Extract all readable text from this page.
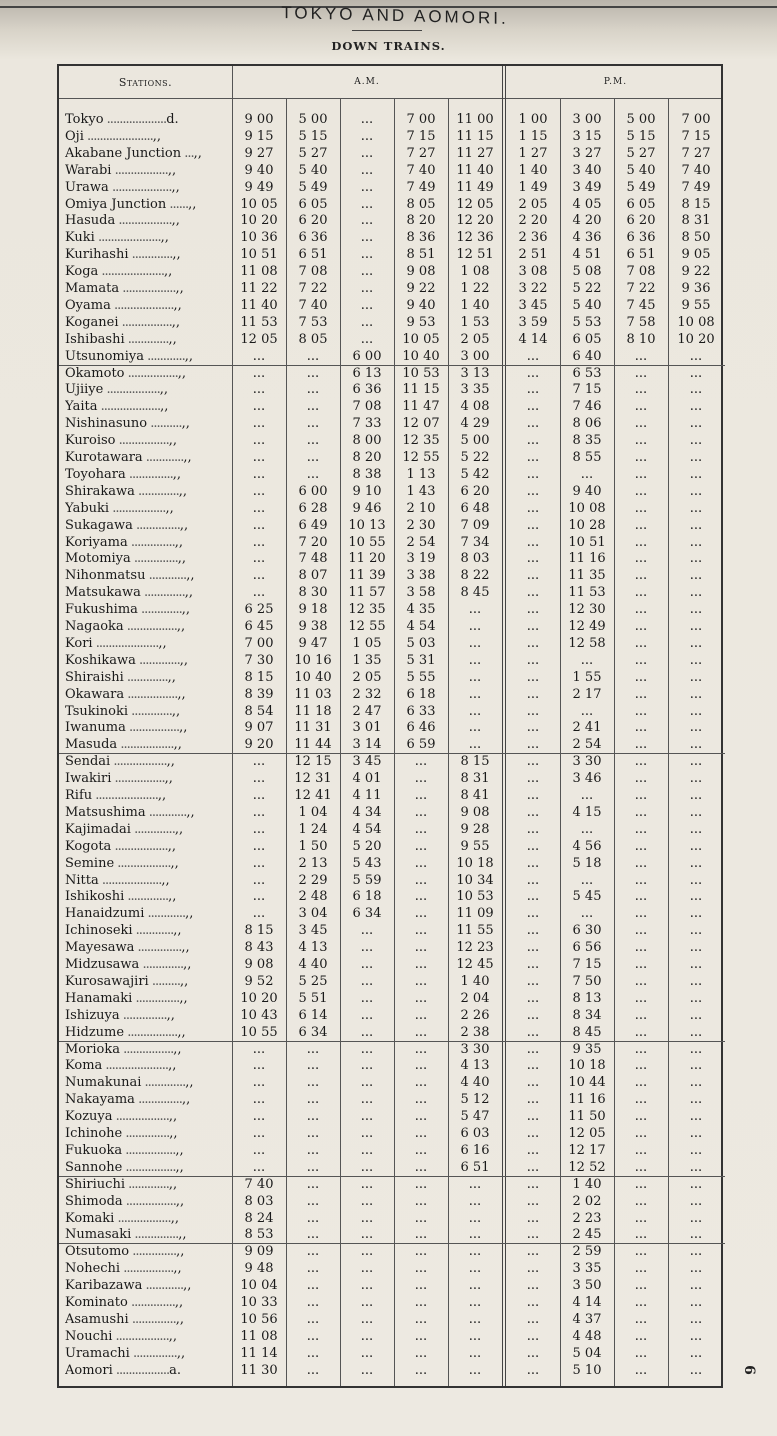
TOKYO AND AOMORI.
DOWN TRAINS.
Stations.	A.M.	P.M.
Tokyo ...................d.	9 00	5 00	...	7 00	11 00	1 00	3 00	5 00	7 00
Oji .....................,,	9 15	5 15	...	7 15	11 15	1 15	3 15	5 15	7 15
Akabane Junction ...,,	9 27	5 27	...	7 27	11 27	1 27	3 27	5 27	7 27
Warabi .................,,	9 40	5 40	...	7 40	11 40	1 40	3 40	5 40	7 40
Urawa ...................,,	9 49	5 49	...	7 49	11 49	1 49	3 49	5 49	7 49
Omiya Junction ......,,	10 05	6 05	...	8 05	12 05	2 05	4 05	6 05	8 15
Hasuda .................,,	10 20	6 20	...	8 20	12 20	2 20	4 20	6 20	8 31
Kuki ....................,,	10 36	6 36	...	8 36	12 36	2 36	4 36	6 36	8 50
Kurihashi .............,,	10 51	6 51	...	8 51	12 51	2 51	4 51	6 51	9 05
Koga ....................,,	11 08	7 08	...	9 08	1 08	3 08	5 08	7 08	9 22
Mamata .................,,	11 22	7 22	...	9 22	1 22	3 22	5 22	7 22	9 36
Oyama ...................,,	11 40	7 40	...	9 40	1 40	3 45	5 40	7 45	9 55
Koganei ................,,	11 53	7 53	...	9 53	1 53	3 59	5 53	7 58	10 08
Ishibashi .............,,	12 05	8 05	...	10 05	2 05	4 14	6 05	8 10	10 20
Utsunomiya ............,,	...	...	6 00	10 40	3 00	...	6 40	...	...
Okamoto ................,,	...	...	6 13	10 53	3 13	...	6 53	...	...
Ujiiye .................,,	...	...	6 36	11 15	3 35	...	7 15	...	...
Yaita ...................,,	...	...	7 08	11 47	4 08	...	7 46	...	...
Nishinasuno ..........,,	...	...	7 33	12 07	4 29	...	8 06	...	...
Kuroiso ................,,	...	...	8 00	12 35	5 00	...	8 35	...	...
Kurotawara ............,,	...	...	8 20	12 55	5 22	...	8 55	...	...
Toyohara ..............,,	...	...	8 38	1 13	5 42	...	...	...	...
Shirakawa .............,,	...	6 00	9 10	1 43	6 20	...	9 40	...	...
Yabuki .................,,	...	6 28	9 46	2 10	6 48	...	10 08	...	...
Sukagawa ..............,,	...	6 49	10 13	2 30	7 09	...	10 28	...	...
Koriyama ..............,,	...	7 20	10 55	2 54	7 34	...	10 51	...	...
Motomiya ..............,,	...	7 48	11 20	3 19	8 03	...	11 16	...	...
Nihonmatsu ............,,	...	8 07	11 39	3 38	8 22	...	11 35	...	...
Matsukawa .............,,	...	8 30	11 57	3 58	8 45	...	11 53	...	...
Fukushima .............,,	6 25	9 18	12 35	4 35	...	...	12 30	...	...
Nagaoka ................,,	6 45	9 38	12 55	4 54	...	...	12 49	...	...
Kori ....................,,	7 00	9 47	1 05	5 03	...	...	12 58	...	...
Koshikawa .............,,	7 30	10 16	1 35	5 31	...	...	...	...	...
Shiraishi .............,,	8 15	10 40	2 05	5 55	...	...	1 55	...	...
Okawara ................,,	8 39	11 03	2 32	6 18	...	...	2 17	...	...
Tsukinoki .............,,	8 54	11 18	2 47	6 33	...	...	...	...	...
Iwanuma ................,,	9 07	11 31	3 01	6 46	...	...	2 41	...	...
Masuda .................,,	9 20	11 44	3 14	6 59	...	...	2 54	...	...
Sendai .................,,	...	12 15	3 45	...	8 15	...	3 30	...	...
Iwakiri ................,,	...	12 31	4 01	...	8 31	...	3 46	...	...
Rifu ....................,,	...	12 41	4 11	...	8 41	...	...	...	...
Matsushima ............,,	...	1 04	4 34	...	9 08	...	4 15	...	...
Kajimadai .............,,	...	1 24	4 54	...	9 28	...	...	...	...
Kogota .................,,	...	1 50	5 20	...	9 55	...	4 56	...	...
Semine .................,,	...	2 13	5 43	...	10 18	...	5 18	...	...
Nitta ...................,,	...	2 29	5 59	...	10 34	...	...	...	...
Ishikoshi .............,,	...	2 48	6 18	...	10 53	...	5 45	...	...
Hanaidzumi ............,,	...	3 04	6 34	...	11 09	...	...	...	...
Ichinoseki ............,,	8 15	3 45	...	...	11 55	...	6 30	...	...
Mayesawa ..............,,	8 43	4 13	...	...	12 23	...	6 56	...	...
Midzusawa .............,,	9 08	4 40	...	...	12 45	...	7 15	...	...
Kurosawajiri .........,,	9 52	5 25	...	...	1 40	...	7 50	...	...
Hanamaki ..............,,	10 20	5 51	...	...	2 04	...	8 13	...	...
Ishizuya ..............,,	10 43	6 14	...	...	2 26	...	8 34	...	...
Hidzume ................,,	10 55	6 34	...	...	2 38	...	8 45	...	...
Morioka ................,,	...	...	...	...	3 30	...	9 35	...	...
Koma ....................,,	...	...	...	...	4 13	...	10 18	...	...
Numakunai .............,,	...	...	...	...	4 40	...	10 44	...	...
Nakayama ..............,,	...	...	...	...	5 12	...	11 16	...	...
Kozuya .................,,	...	...	...	...	5 47	...	11 50	...	...
Ichinohe ..............,,	...	...	...	...	6 03	...	12 05	...	...
Fukuoka ................,,	...	...	...	...	6 16	...	12 17	...	...
Sannohe ................,,	...	...	...	...	6 51	...	12 52	...	...
Shiriuchi .............,,	7 40	...	...	...	...	...	1 40	...	...
Shimoda ................,,	8 03	...	...	...	...	...	2 02	...	...
Komaki .................,,	8 24	...	...	...	...	...	2 23	...	...
Numasaki ..............,,	8 53	...	...	...	...	...	2 45	...	...
Otsutomo ..............,,	9 09	...	...	...	...	...	2 59	...	...
Nohechi ................,,	9 48	...	...	...	...	...	3 35	...	...
Karibazawa ............,,	10 04	...	...	...	...	...	3 50	...	...
Kominato ..............,,	10 33	...	...	...	...	...	4 14	...	...
Asamushi ..............,,	10 56	...	...	...	...	...	4 37	...	...
Nouchi .................,,	11 08	...	...	...	...	...	4 48	...	...
Uramachi ..............,,	11 14	...	...	...	...	...	5 04	...	...
Aomori .................a.	11 30	...	...	...	...	...	5 10	...	...	6
